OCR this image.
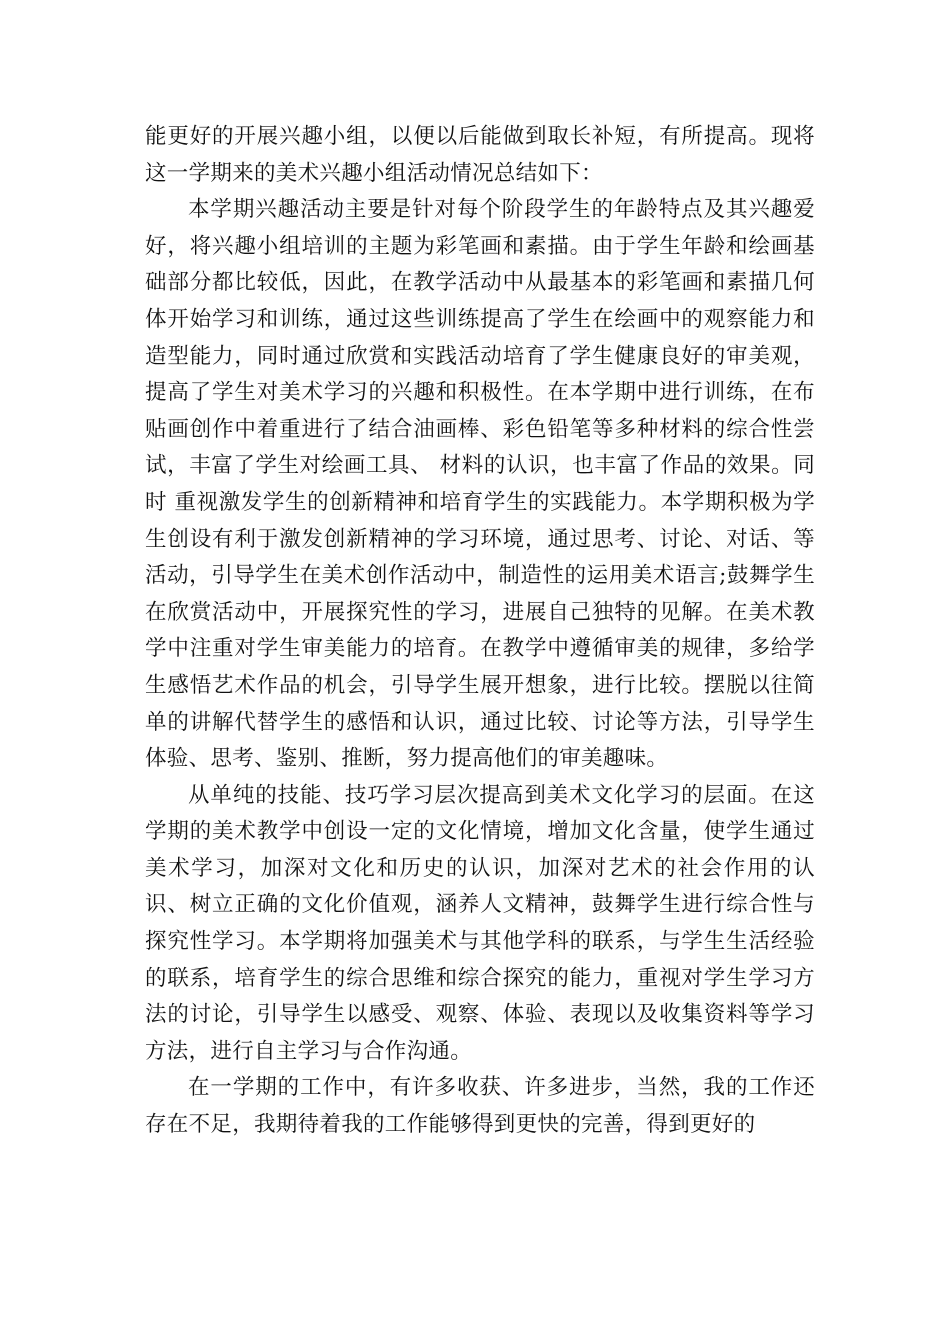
能更好的开展兴趣小组，以便以后能做到取长补短，有所提高。现将这一学期来的美术兴趣小组活动情况总结如下：

本学期兴趣活动主要是针对每个阶段学生的年龄特点及其兴趣爱好，将兴趣小组培训的主题为彩笔画和素描。由于学生年龄和绘画基础部分都比较低，因此，在教学活动中从最基本的彩笔画和素描几何体开始学习和训练，通过这些训练提高了学生在绘画中的观察能力和造型能力，同时通过欣赏和实践活动培育了学生健康良好的审美观，提高了学生对美术学习的兴趣和积极性。在本学期中进行训练，在布贴画创作中着重进行了结合油画棒、彩色铅笔等多种材料的综合性尝试，丰富了学生对绘画工具、 材料的认识，也丰富了作品的效果。同时 重视激发学生的创新精神和培育学生的实践能力。本学期积极为学生创设有利于激发创新精神的学习环境，通过思考、讨论、对话、等活动，引导学生在美术创作活动中，制造性的运用美术语言;鼓舞学生在欣赏活动中，开展探究性的学习，进展自己独特的见解。在美术教学中注重对学生审美能力的培育。在教学中遵循审美的规律，多给学生感悟艺术作品的机会，引导学生展开想象，进行比较。摆脱以往简单的讲解代替学生的感悟和认识，通过比较、讨论等方法，引导学生体验、思考、鉴别、推断，努力提高他们的审美趣味。

从单纯的技能、技巧学习层次提高到美术文化学习的层面。在这学期的美术教学中创设一定的文化情境，增加文化含量，使学生通过美术学习，加深对文化和历史的认识，加深对艺术的社会作用的认识、树立正确的文化价值观，涵养人文精神，鼓舞学生进行综合性与探究性学习。本学期将加强美术与其他学科的联系，与学生生活经验的联系，培育学生的综合思维和综合探究的能力，重视对学生学习方法的讨论，引导学生以感受、观察、体验、表现以及收集资料等学习方法，进行自主学习与合作沟通。

在一学期的工作中，有许多收获、许多进步，当然，我的工作还存在不足，我期待着我的工作能够得到更快的完善，得到更好的
